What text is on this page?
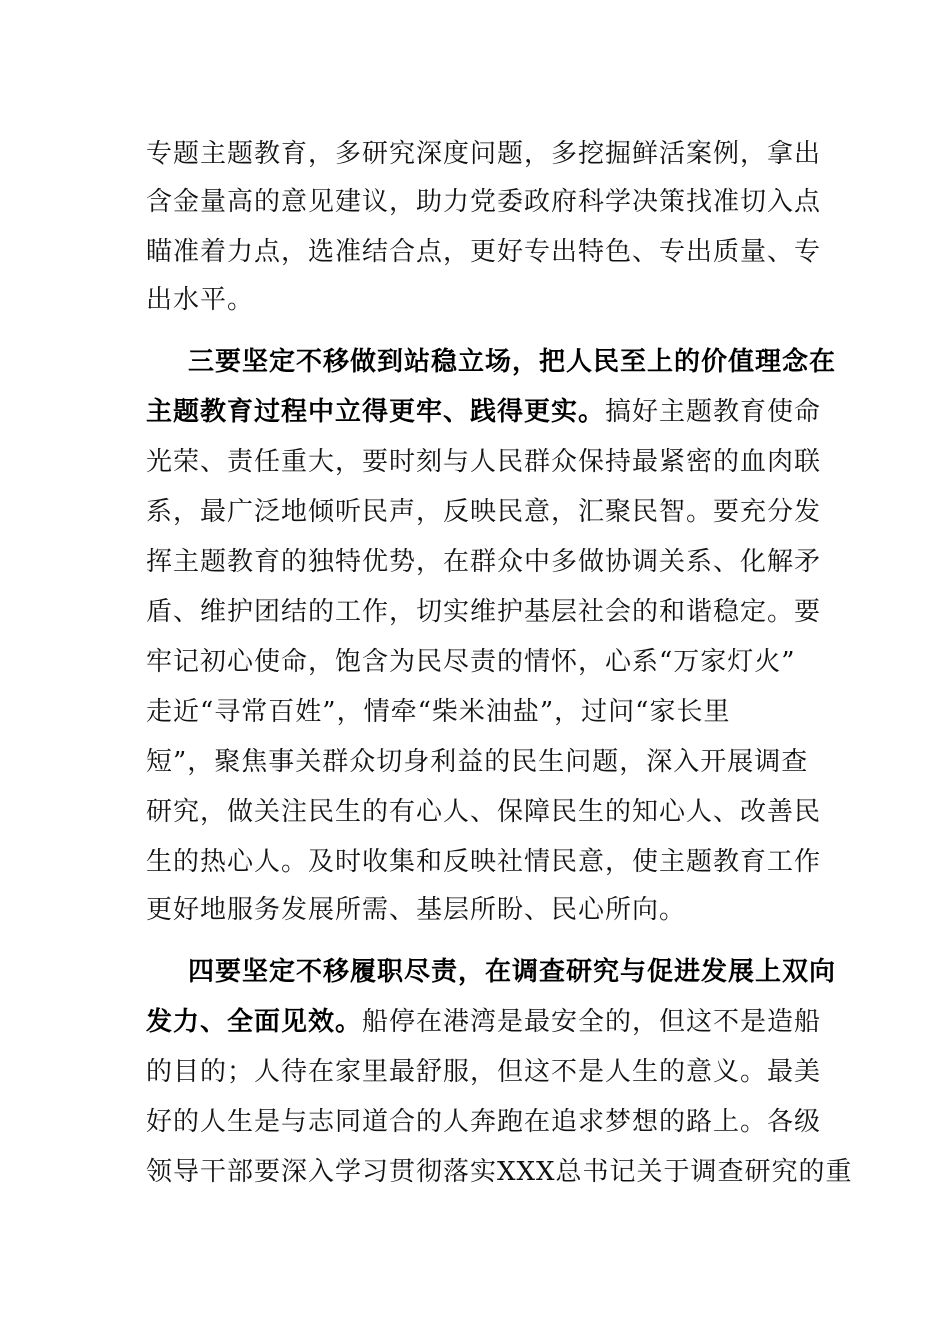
专题主题教育，多研究深度问题，多挖掘鲜活案例，拿出
含金量高的意见建议，助力党委政府科学决策找准切入点
瞄准着力点，选准结合点，更好专出特色、专出质量、专
出水平。
三要坚定不移做到站稳立场，把人民至上的价值理念在
主题教育过程中立得更牢、践得更实。搞好主题教育使命
光荣、责任重大，要时刻与人民群众保持最紧密的血肉联
系，最广泛地倾听民声，反映民意，汇聚民智。要充分发
挥主题教育的独特优势，在群众中多做协调关系、化解矛
盾、维护团结的工作，切实维护基层社会的和谐稳定。要
牢记初心使命，饱含为民尽责的情怀，心系“万家灯火”
走近“寻常百姓”，情牵“柴米油盐”，过问“家长里
短”，聚焦事关群众切身利益的民生问题，深入开展调查
研究，做关注民生的有心人、保障民生的知心人、改善民
生的热心人。及时收集和反映社情民意，使主题教育工作
更好地服务发展所需、基层所盼、民心所向。
四要坚定不移履职尽责，在调查研究与促进发展上双向
发力、全面见效。船停在港湾是最安全的，但这不是造船
的目的；人待在家里最舒服，但这不是人生的意义。最美
好的人生是与志同道合的人奔跑在追求梦想的路上。各级
领导干部要深入学习贯彻落实XXX总书记关于调查研究的重
